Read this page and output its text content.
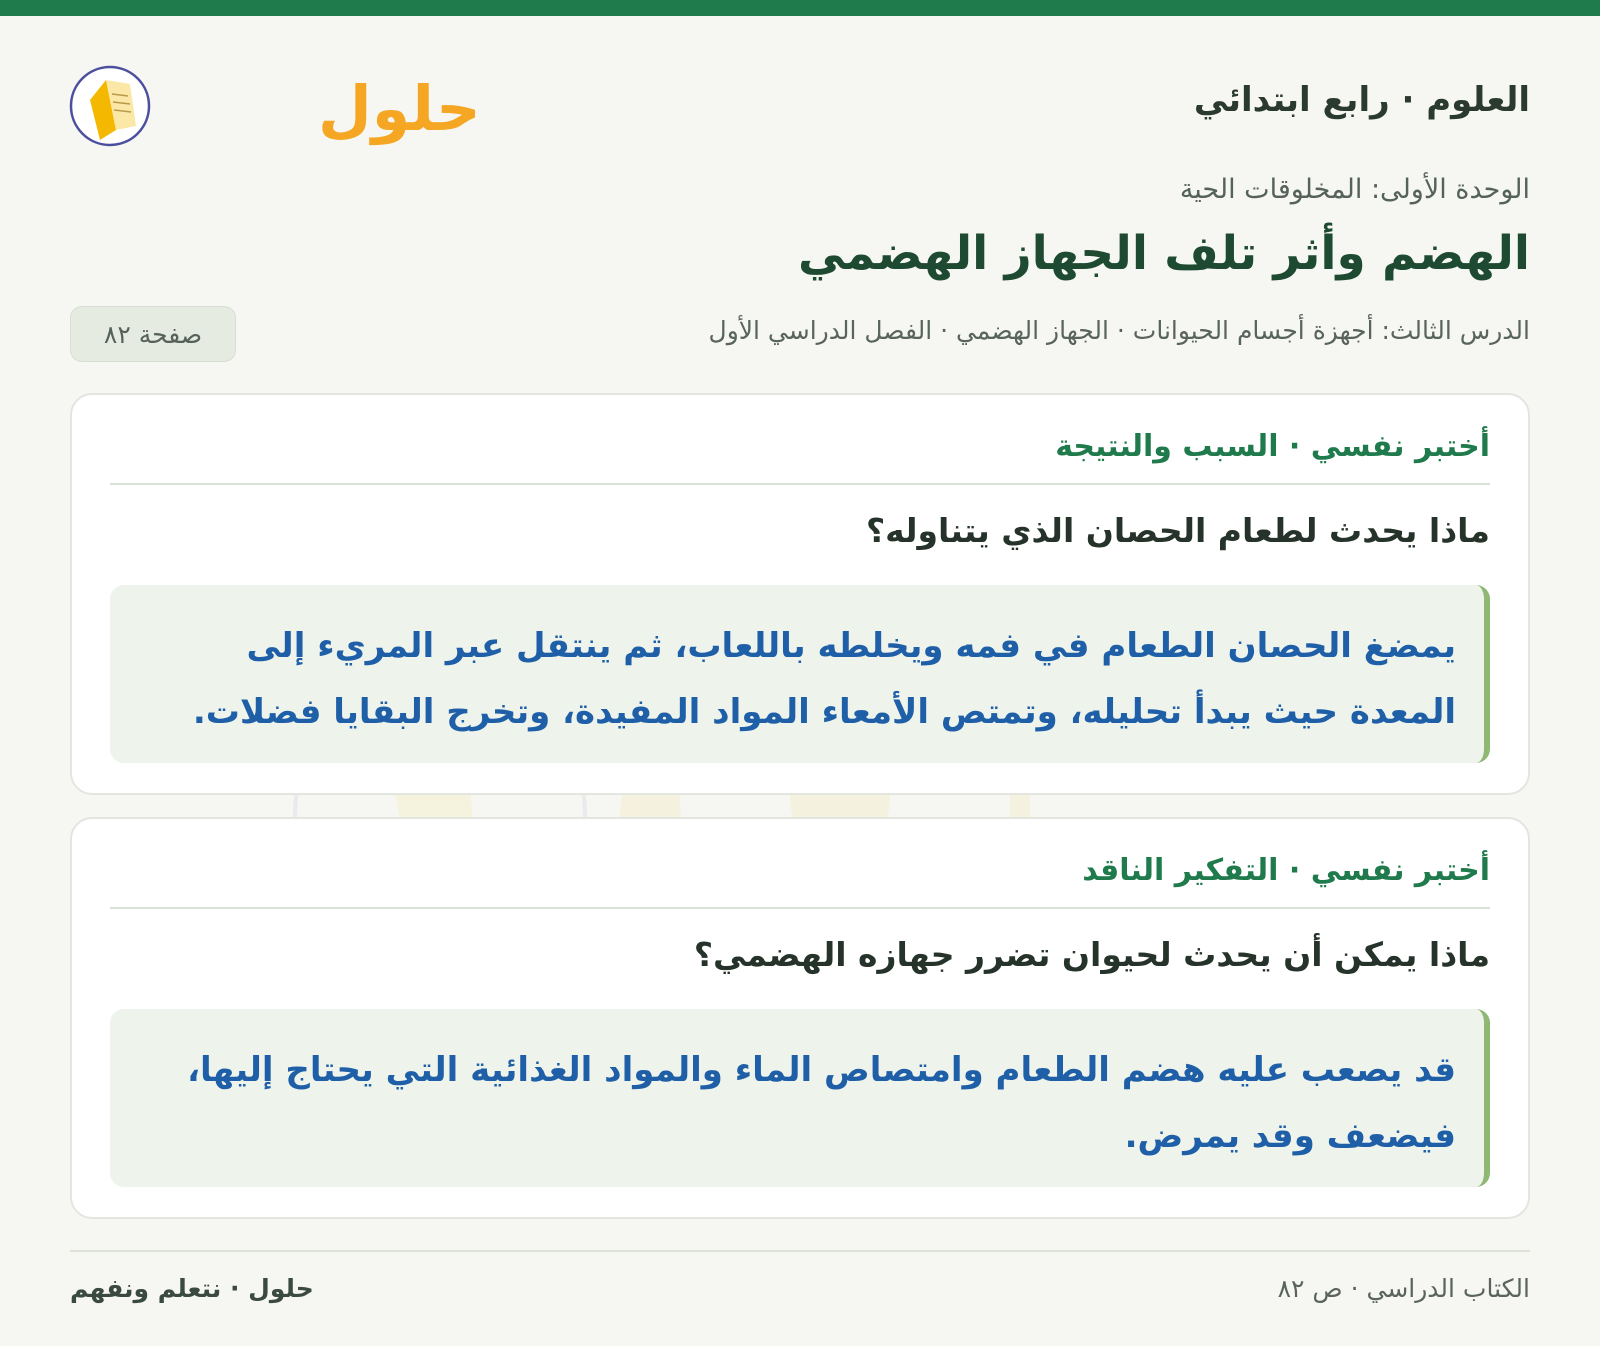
العلوم · رابع ابتدائي
حلول
الوحدة الأولى: المخلوقات الحية
الهضم وأثر تلف الجهاز الهضمي
الدرس الثالث: أجهزة أجسام الحيوانات · الجهاز الهضمي · الفصل الدراسي الأول
صفحة ٨٢
أختبر نفسي · السبب والنتيجة
ماذا يحدث لطعام الحصان الذي يتناوله؟
يمضغ الحصان الطعام في فمه ويخلطه باللعاب، ثم ينتقل عبر المريء إلى المعدة حيث يبدأ تحليله، وتمتص الأمعاء المواد المفيدة، وتخرج البقايا فضلات.
أختبر نفسي · التفكير الناقد
ماذا يمكن أن يحدث لحيوان تضرر جهازه الهضمي؟
قد يصعب عليه هضم الطعام وامتصاص الماء والمواد الغذائية التي يحتاج إليها، فيضعف وقد يمرض.
الكتاب الدراسي · ص ٨٢
حلول · نتعلم ونفهم
